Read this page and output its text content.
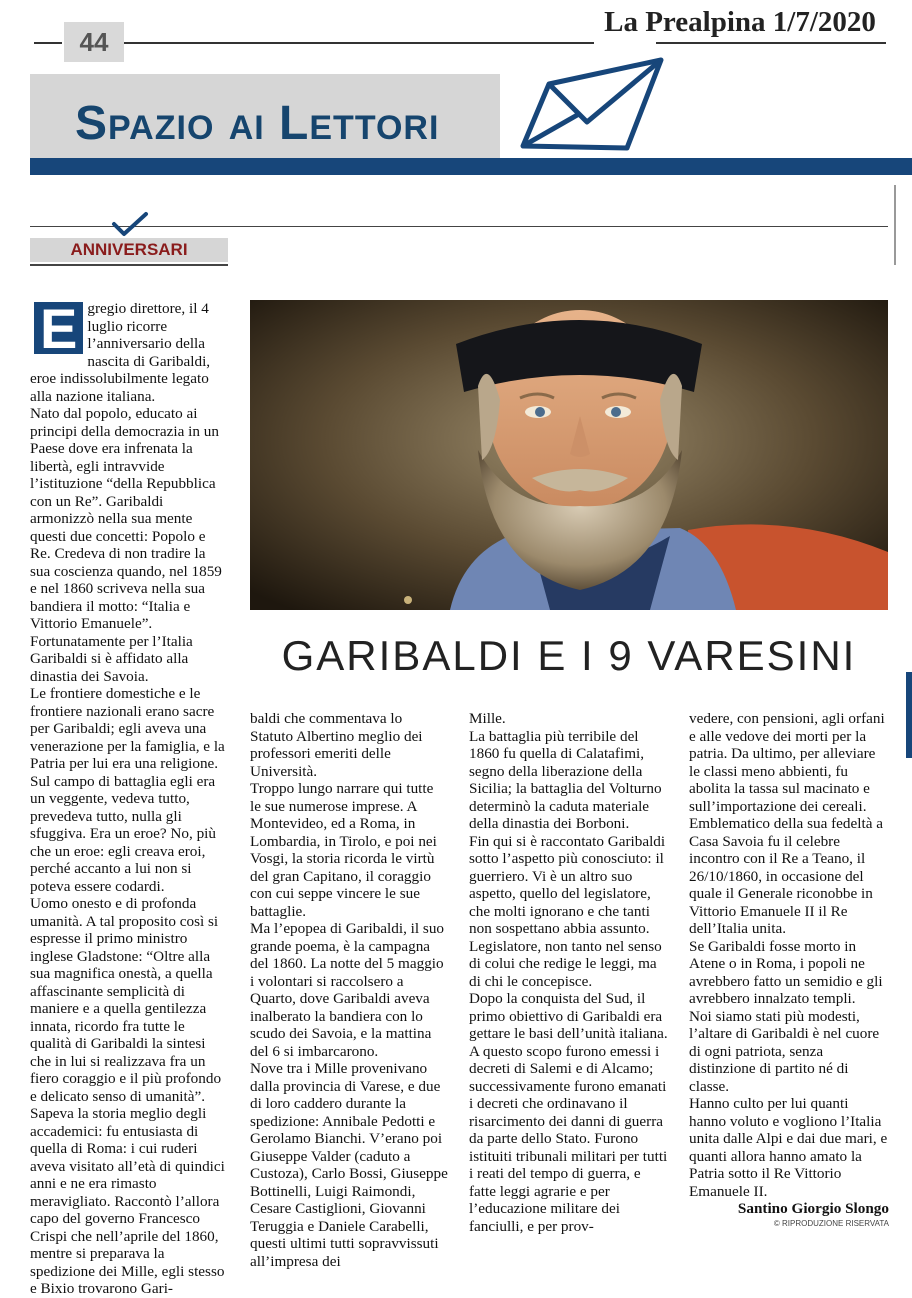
44
La Prealpina 1/7/2020
Spazio ai Lettori
ANNIVERSARI
GARIBALDI E I 9 VARESINI
E gregio direttore, il 4 luglio ricorre l’anniversario della nascita di Garibaldi, eroe indissolubilmente legato alla nazione italiana.

Nato dal popolo, educato ai principi della democrazia in un Paese dove era infrenata la libertà, egli intravvide l’istituzione “della Repubblica con un Re”. Garibaldi armonizzò nella sua mente questi due concetti: Popolo e Re. Credeva di non tradire la sua coscienza quando, nel 1859 e nel 1860 scriveva nella sua bandiera il motto: “Italia e Vittorio Emanuele”. Fortunatamente per l’Italia Garibaldi si è affidato alla dinastia dei Savoia.

Le frontiere domestiche e le frontiere nazionali erano sacre per Garibaldi; egli aveva una venerazione per la famiglia, e la Patria per lui era una religione. Sul campo di battaglia egli era un veggente, vedeva tutto, prevedeva tutto, nulla gli sfuggiva. Era un eroe? No, più che un eroe: egli creava eroi, perché accanto a lui non si poteva essere codardi.

Uomo onesto e di profonda umanità. A tal proposito così si espresse il primo ministro inglese Gladstone: “Oltre alla sua magnifica onestà, a quella affascinante semplicità di maniere e a quella gentilezza innata, ricordo fra tutte le qualità di Garibaldi la sintesi che in lui si realizzava fra un fiero coraggio e il più profondo e delicato senso di umanità”.

Sapeva la storia meglio degli accademici: fu entusiasta di quella di Roma: i cui ruderi aveva visitato all’età di quindici anni e ne era rimasto meravigliato. Raccontò l’allora capo del governo Francesco Crispi che nell’aprile del 1860, mentre si preparava la spedizione dei Mille, egli stesso e Bixio trovarono Gari-

baldi che commentava lo Statuto Albertino meglio dei professori emeriti delle Università.

Troppo lungo narrare qui tutte le sue numerose imprese. A Montevideo, ed a Roma, in Lombardia, in Tirolo, e poi nei Vosgi, la storia ricorda le virtù del gran Capitano, il coraggio con cui seppe vincere le sue battaglie.

Ma l’epopea di Garibaldi, il suo grande poema, è la campagna del 1860. La notte del 5 maggio i volontari si raccolsero a Quarto, dove Garibaldi aveva inalberato la bandiera con lo scudo dei Savoia, e la mattina del 6 si imbarcarono.

Nove tra i Mille provenivano dalla provincia di Varese, e due di loro caddero durante la spedizione: Annibale Pedotti e Gerolamo Bianchi. V’erano poi Giuseppe Valder (caduto a Custoza), Carlo Bossi, Giuseppe Bottinelli, Luigi Raimondi, Cesare Castiglioni, Giovanni Teruggia e Daniele Carabelli, questi ultimi tutti sopravvissuti all’impresa dei

Mille.

La battaglia più terribile del 1860 fu quella di Calatafimi, segno della liberazione della Sicilia; la battaglia del Volturno determinò la caduta materiale della dinastia dei Borboni.

Fin qui si è raccontato Garibaldi sotto l’aspetto più conosciuto: il guerriero. Vi è un altro suo aspetto, quello del legislatore, che molti ignorano e che tanti non sospettano abbia assunto. Legislatore, non tanto nel senso di colui che redige le leggi, ma di chi le concepisce.

Dopo la conquista del Sud, il primo obiettivo di Garibaldi era gettare le basi dell’unità italiana. A questo scopo furono emessi i decreti di Salemi e di Alcamo; successivamente furono emanati i decreti che ordinavano il risarcimento dei danni di guerra da parte dello Stato. Furono istituiti tribunali militari per tutti i reati del tempo di guerra, e fatte leggi agrarie e per l’educazione militare dei fanciulli, e per prov-

vedere, con pensioni, agli orfani e alle vedove dei morti per la patria. Da ultimo, per alleviare le classi meno abbienti, fu abolita la tassa sul macinato e sull’importazione dei cereali.

Emblematico della sua fedeltà a Casa Savoia fu il celebre incontro con il Re a Teano, il 26/10/1860, in occasione del quale il Generale riconobbe in Vittorio Emanuele II il Re dell’Italia unita.

Se Garibaldi fosse morto in Atene o in Roma, i popoli ne avrebbero fatto un semidio e gli avrebbero innalzato templi.

Noi siamo stati più modesti, l’altare di Garibaldi è nel cuore di ogni patriota, senza distinzione di partito né di classe.

Hanno culto per lui quanti hanno voluto e vogliono l’Italia unita dalle Alpi e dai due mari, e quanti allora hanno amato la Patria sotto il Re Vittorio Emanuele II.

Santino Giorgio Slongo

© RIPRODUZIONE RISERVATA
